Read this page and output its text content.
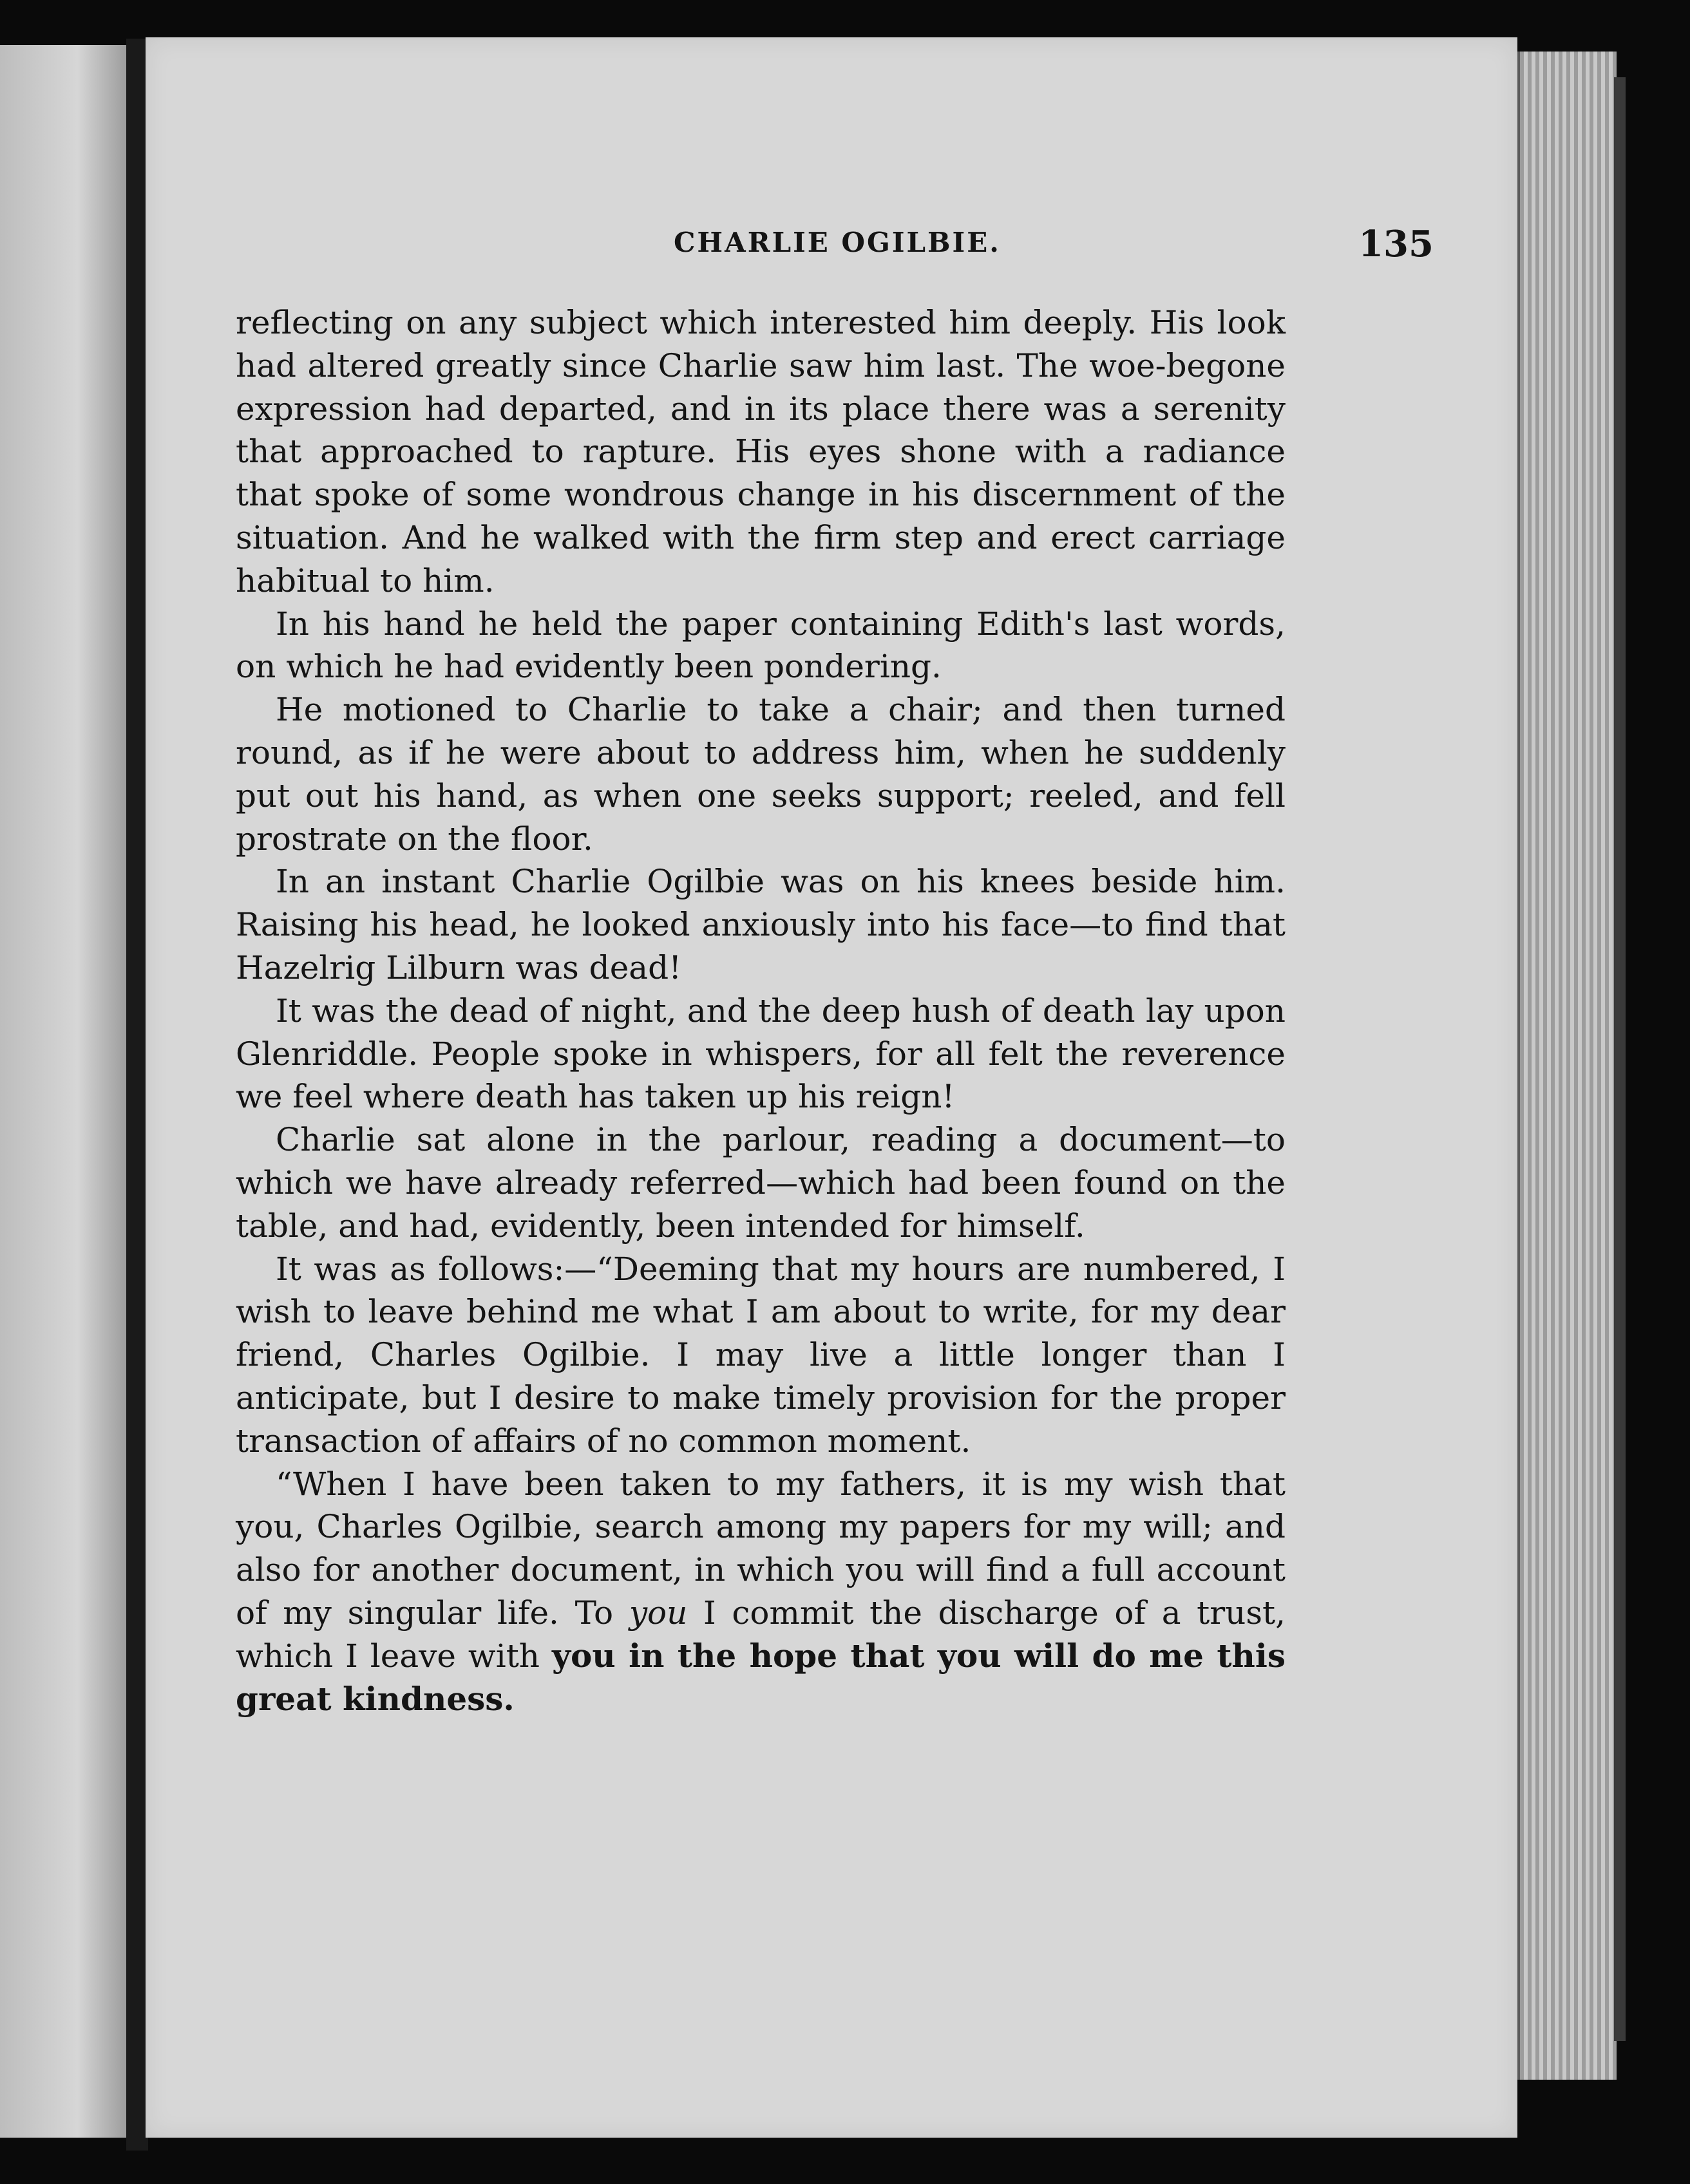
CHARLIE OGILBIE.	135

reflecting on any subject which interested him deeply. His look had altered greatly since Charlie saw him last. The woe-begone expression had departed, and in its place there was a serenity that approached to rapture. His eyes shone with a radiance that spoke of some wondrous change in his discernment of the situation. And he walked with the firm step and erect carriage habitual to him.

In his hand he held the paper containing Edith's last words, on which he had evidently been pondering.

He motioned to Charlie to take a chair; and then turned round, as if he were about to address him, when he suddenly put out his hand, as when one seeks support; reeled, and fell prostrate on the floor.

In an instant Charlie Ogilbie was on his knees beside him. Raising his head, he looked anxiously into his face—to find that Hazelrig Lilburn was dead!

It was the dead of night, and the deep hush of death lay upon Glenriddle. People spoke in whispers, for all felt the reverence we feel where death has taken up his reign!

Charlie sat alone in the parlour, reading a document—to which we have already referred—which had been found on the table, and had, evidently, been intended for himself.

It was as follows:—“Deeming that my hours are numbered, I wish to leave behind me what I am about to write, for my dear friend, Charles Ogilbie. I may live a little longer than I anticipate, but I desire to make timely provision for the proper transaction of affairs of no common moment.

“When I have been taken to my fathers, it is my wish that you, Charles Ogilbie, search among my papers for my will; and also for another document, in which you will find a full account of my singular life. To you I commit the discharge of a trust, which I leave with you in the hope that you will do me this great kindness.
